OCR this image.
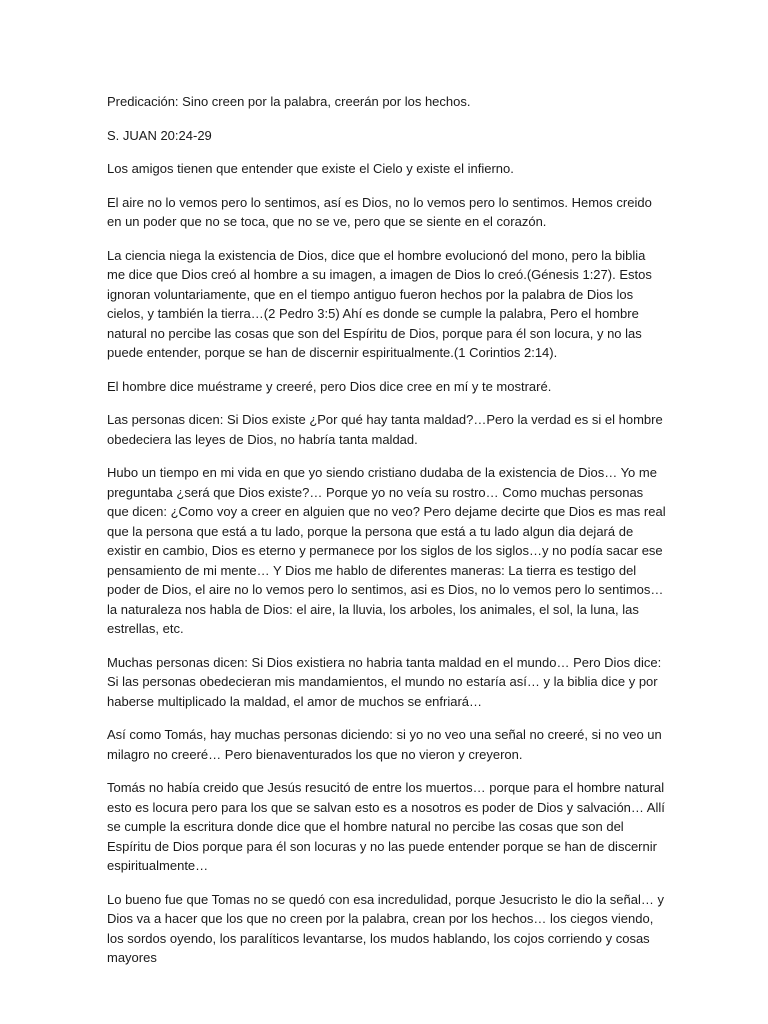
Predicación: Sino creen por la palabra, creerán por los hechos.

S. JUAN 20:24-29

Los amigos tienen que entender que existe el Cielo y existe el infierno.

El aire no lo vemos pero lo sentimos, así es Dios, no lo vemos pero lo sentimos. Hemos creido en un poder que no se toca, que no se ve, pero que se siente en el corazón.

La ciencia niega la existencia de Dios, dice que el hombre evolucionó del mono, pero la biblia me dice que Dios creó al hombre a su imagen, a imagen de Dios lo creó.(Génesis 1:27). Estos ignoran voluntariamente, que en el tiempo antiguo fueron hechos por la palabra de Dios los cielos, y también la tierra…(2 Pedro 3:5) Ahí es donde se cumple la palabra, Pero el hombre natural no percibe las cosas que son del Espíritu de Dios, porque para él son locura, y no las puede entender, porque se han de discernir espiritualmente.(1 Corintios 2:14).

El hombre dice muéstrame y creeré, pero Dios dice cree en mí y te mostraré.

Las personas dicen: Si Dios existe ¿Por qué hay tanta maldad?…Pero la verdad es si el hombre obedeciera las leyes de Dios, no habría tanta maldad.

Hubo un tiempo en mi vida en que yo siendo cristiano dudaba de la existencia de Dios… Yo me preguntaba ¿será que Dios existe?… Porque yo no veía su rostro… Como muchas personas que dicen: ¿Como voy a creer en alguien que no veo? Pero dejame decirte que Dios es mas real que la persona que está a tu lado, porque la persona que está a tu lado algun dia dejará de existir en cambio, Dios es eterno y permanece por los siglos de los siglos…y no podía sacar ese pensamiento de mi mente… Y Dios me hablo de diferentes maneras: La tierra es testigo del poder de Dios, el aire no lo vemos pero lo sentimos, asi es Dios, no lo vemos pero lo sentimos… la naturaleza nos habla de Dios: el aire, la lluvia, los arboles, los animales, el sol, la luna, las estrellas, etc.

Muchas personas dicen: Si Dios existiera no habria tanta maldad en el mundo… Pero Dios dice: Si las personas obedecieran mis mandamientos, el mundo no estaría así… y la biblia dice y por haberse multiplicado la maldad, el amor de muchos se enfriará…

Así como Tomás, hay muchas personas diciendo: si yo no veo una señal no creeré, si no veo un milagro no creeré… Pero bienaventurados los que no vieron y creyeron.

Tomás no había creido que Jesús resucitó de entre los muertos… porque para el hombre natural esto es locura pero para los que se salvan esto es a nosotros es poder de Dios y salvación… Allí se cumple la escritura donde dice que el hombre natural no percibe las cosas que son del Espíritu de Dios porque para él son locuras y no las puede entender porque se han de discernir espiritualmente…

Lo bueno fue que Tomas no se quedó con esa incredulidad, porque Jesucristo le dio la señal… y Dios va a hacer que los que no creen por la palabra, crean por los hechos… los ciegos viendo, los sordos oyendo, los paralíticos levantarse, los mudos hablando, los cojos corriendo y cosas mayores
